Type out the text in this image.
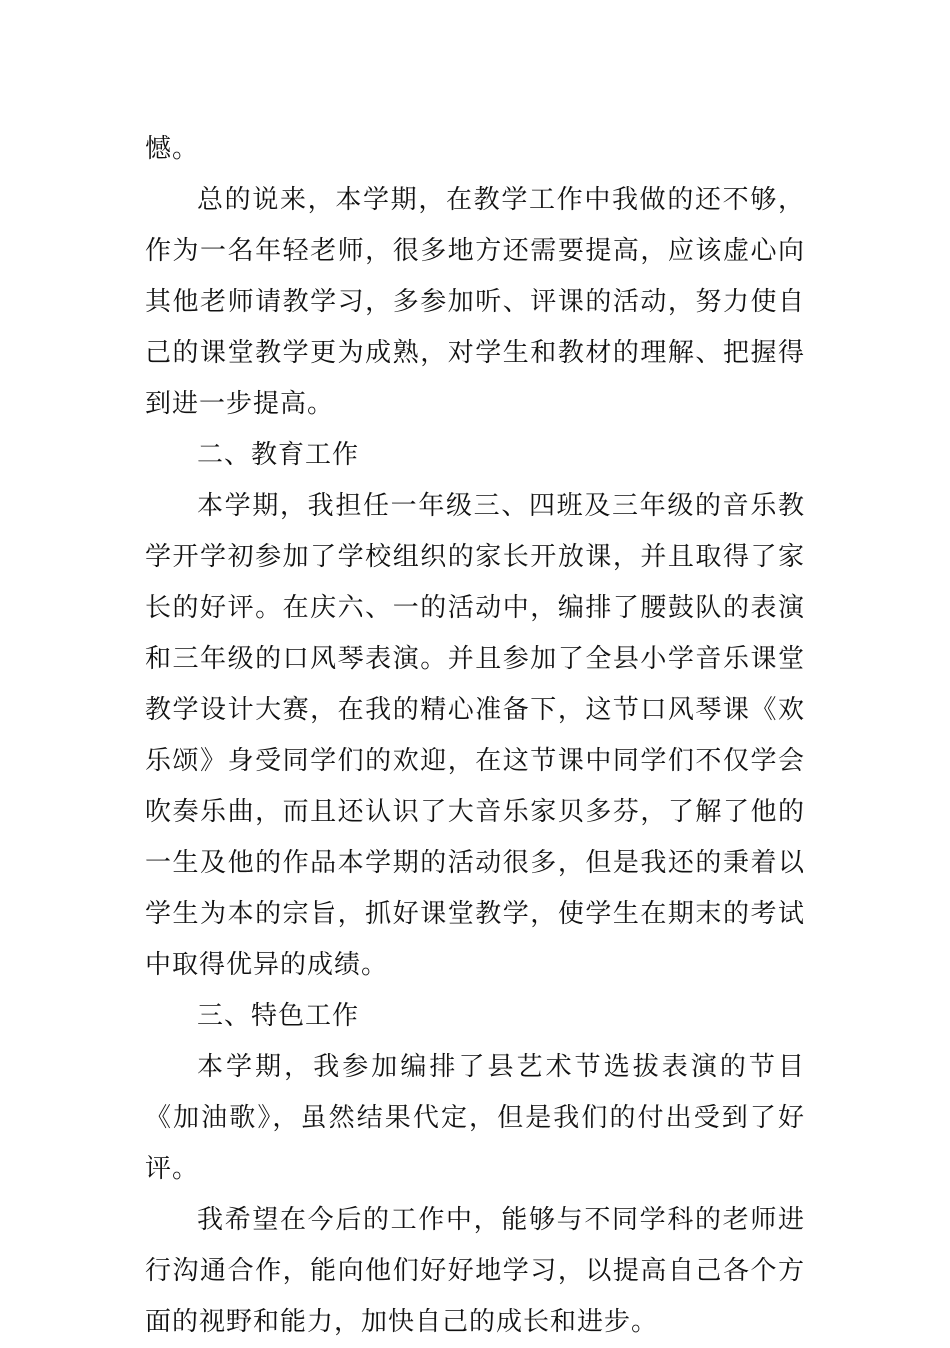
憾。

总的说来，本学期，在教学工作中我做的还不够，作为一名年轻老师，很多地方还需要提高，应该虚心向其他老师请教学习，多参加听、评课的活动，努力使自己的课堂教学更为成熟，对学生和教材的理解、把握得到进一步提高。

二、教育工作

本学期，我担任一年级三、四班及三年级的音乐教学开学初参加了学校组织的家长开放课，并且取得了家长的好评。在庆六、一的活动中，编排了腰鼓队的表演和三年级的口风琴表演。并且参加了全县小学音乐课堂教学设计大赛，在我的精心准备下，这节口风琴课《欢乐颂》身受同学们的欢迎，在这节课中同学们不仅学会吹奏乐曲，而且还认识了大音乐家贝多芬，了解了他的一生及他的作品本学期的活动很多，但是我还的秉着以学生为本的宗旨，抓好课堂教学，使学生在期末的考试中取得优异的成绩。

三、特色工作

本学期，我参加编排了县艺术节选拔表演的节目《加油歌》，虽然结果代定，但是我们的付出受到了好评。

我希望在今后的工作中，能够与不同学科的老师进行沟通合作，能向他们好好地学习，以提高自己各个方面的视野和能力，加快自己的成长和进步。
